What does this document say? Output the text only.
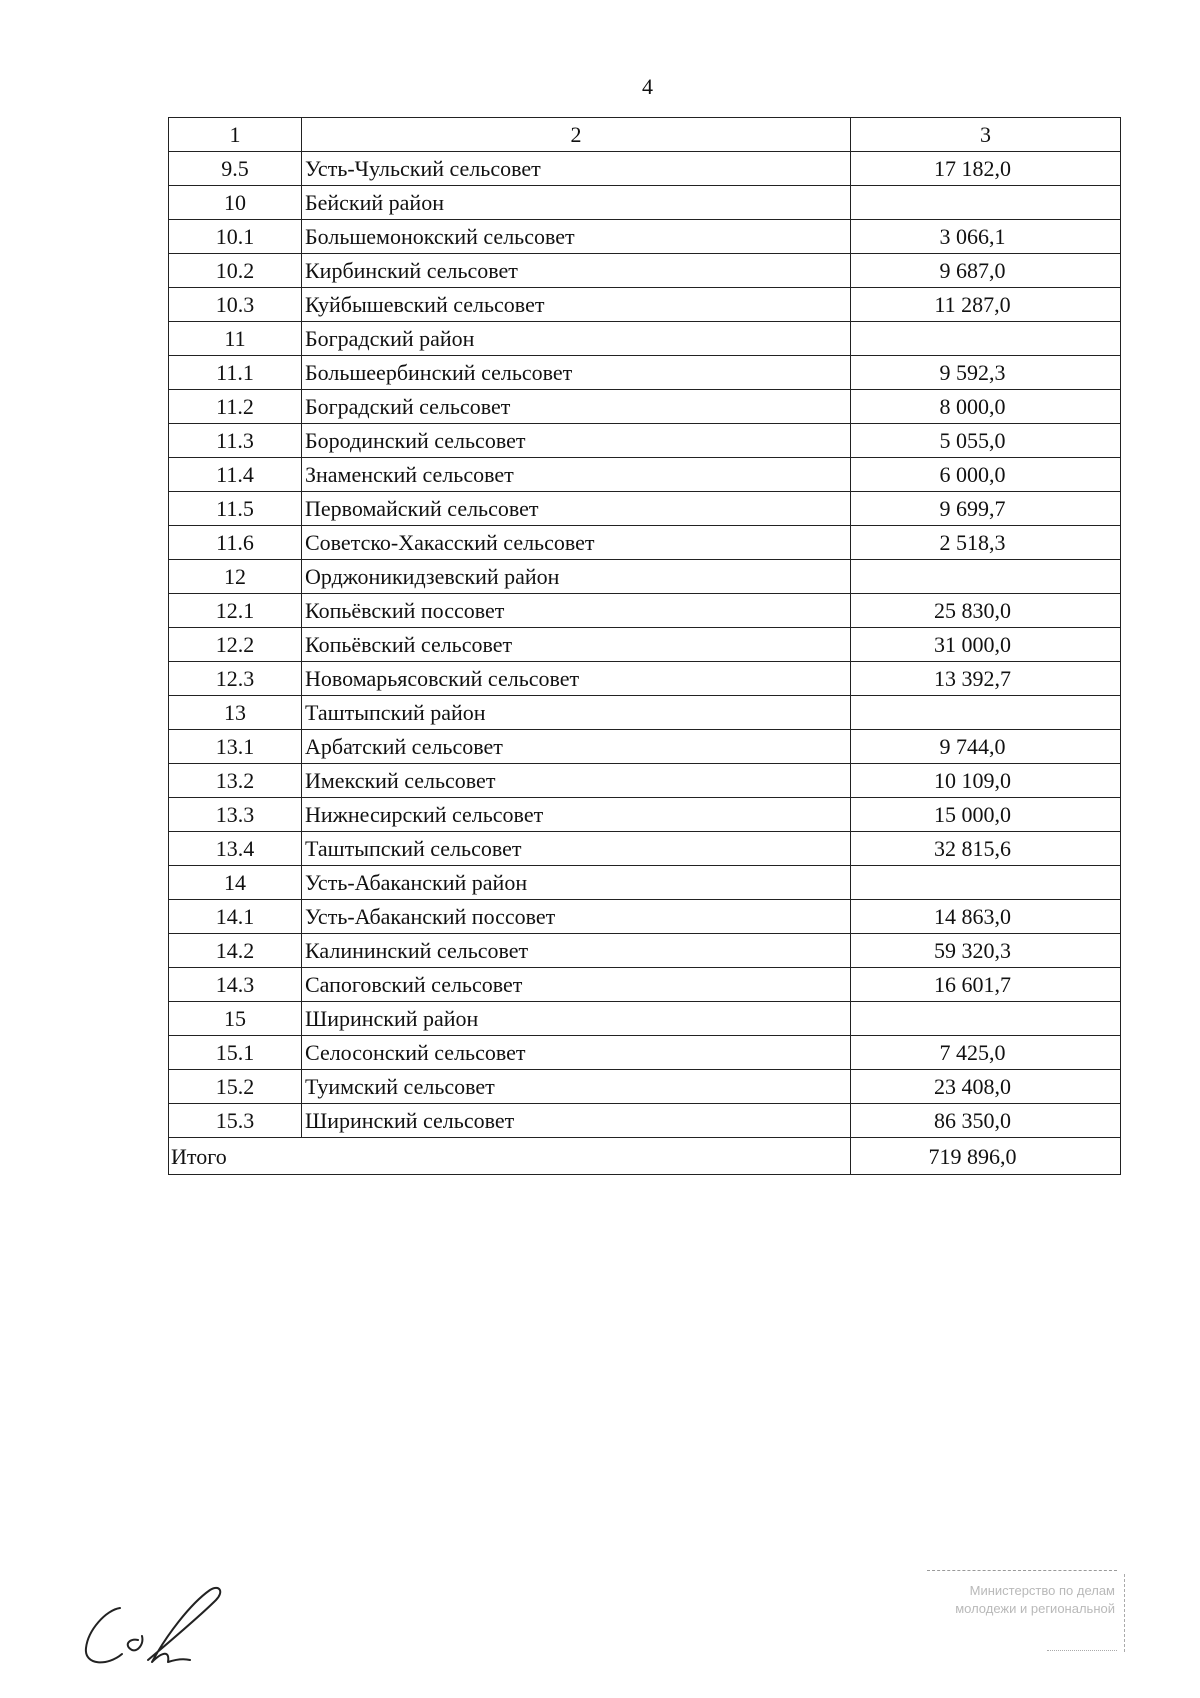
4
1	2	3
9.5	Усть-Чульский сельсовет	17 182,0
10	Бейский район	
10.1	Большемонокский сельсовет	3 066,1
10.2	Кирбинский сельсовет	9 687,0
10.3	Куйбышевский сельсовет	11 287,0
11	Боградский район	
11.1	Большеербинский сельсовет	9 592,3
11.2	Боградский сельсовет	8 000,0
11.3	Бородинский сельсовет	5 055,0
11.4	Знаменский сельсовет	6 000,0
11.5	Первомайский сельсовет	9 699,7
11.6	Советско-Хакасский сельсовет	2 518,3
12	Орджоникидзевский район	
12.1	Копьёвский поссовет	25 830,0
12.2	Копьёвский сельсовет	31 000,0
12.3	Новомарьясовский сельсовет	13 392,7
13	Таштыпский район	
13.1	Арбатский сельсовет	9 744,0
13.2	Имекский сельсовет	10 109,0
13.3	Нижнесирский сельсовет	15 000,0
13.4	Таштыпский сельсовет	32 815,6
14	Усть-Абаканский район	
14.1	Усть-Абаканский поссовет	14 863,0
14.2	Калининский сельсовет	59 320,3
14.3	Сапоговский сельсовет	16 601,7
15	Ширинский район	
15.1	Селосонский сельсовет	7 425,0
15.2	Туимский сельсовет	23 408,0
15.3	Ширинский сельсовет	86 350,0
Итого		719 896,0
Министерство по делам
молодежи и региональной
